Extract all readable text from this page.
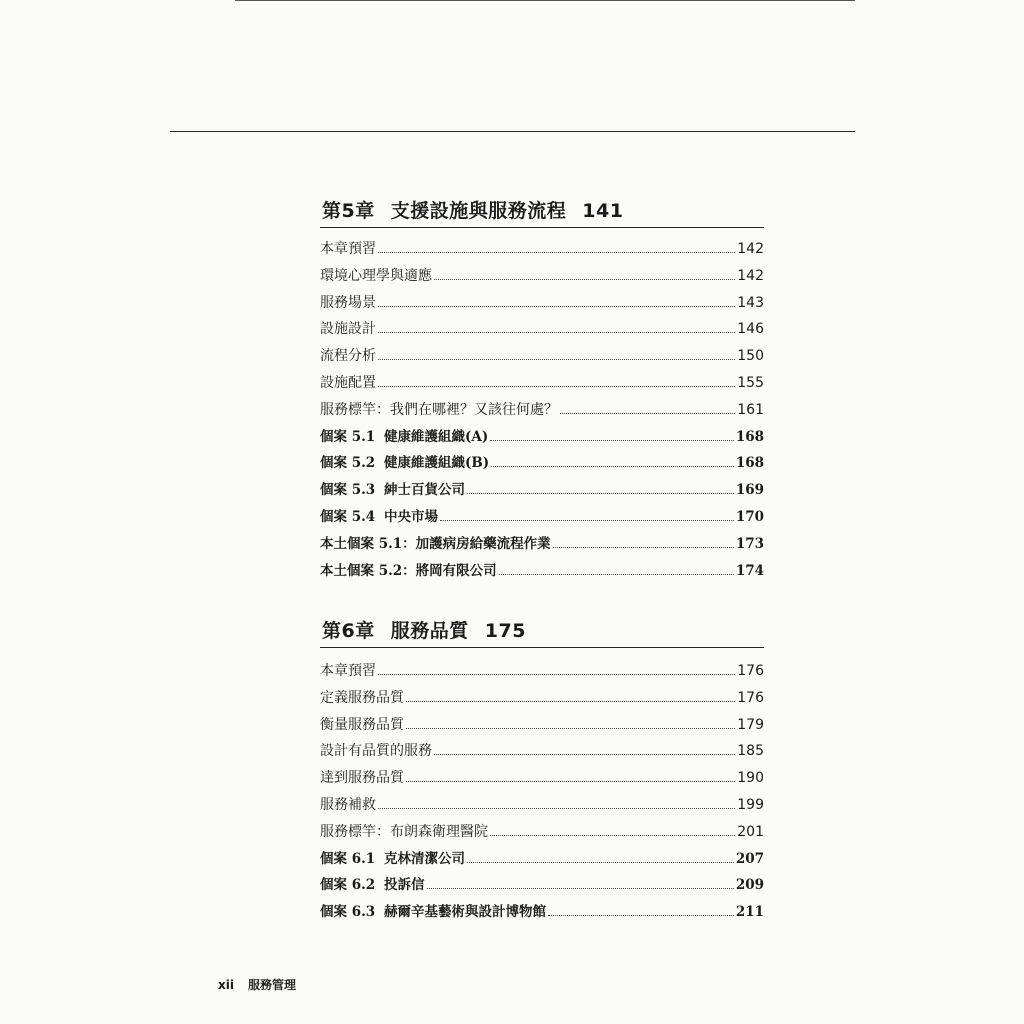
第5章 支援設施與服務流程 141
本章預習	142
環境心理學與適應	142
服務場景	143
設施設計	146
流程分析	150
設施配置	155
服務標竿：我們在哪裡？又該往何處？	161
個案 5.1 健康維護組織(A)	168
個案 5.2 健康維護組織(B)	168
個案 5.3 紳士百貨公司	169
個案 5.4 中央市場	170
本土個案 5.1：加護病房給藥流程作業	173
本土個案 5.2：將岡有限公司	174
第6章 服務品質 175
本章預習	176
定義服務品質	176
衡量服務品質	179
設計有品質的服務	185
達到服務品質	190
服務補救	199
服務標竿：布朗森衛理醫院	201
個案 6.1 克林清潔公司	207
個案 6.2 投訴信	209
個案 6.3 赫爾辛基藝術與設計博物館	211
xii 服務管理
